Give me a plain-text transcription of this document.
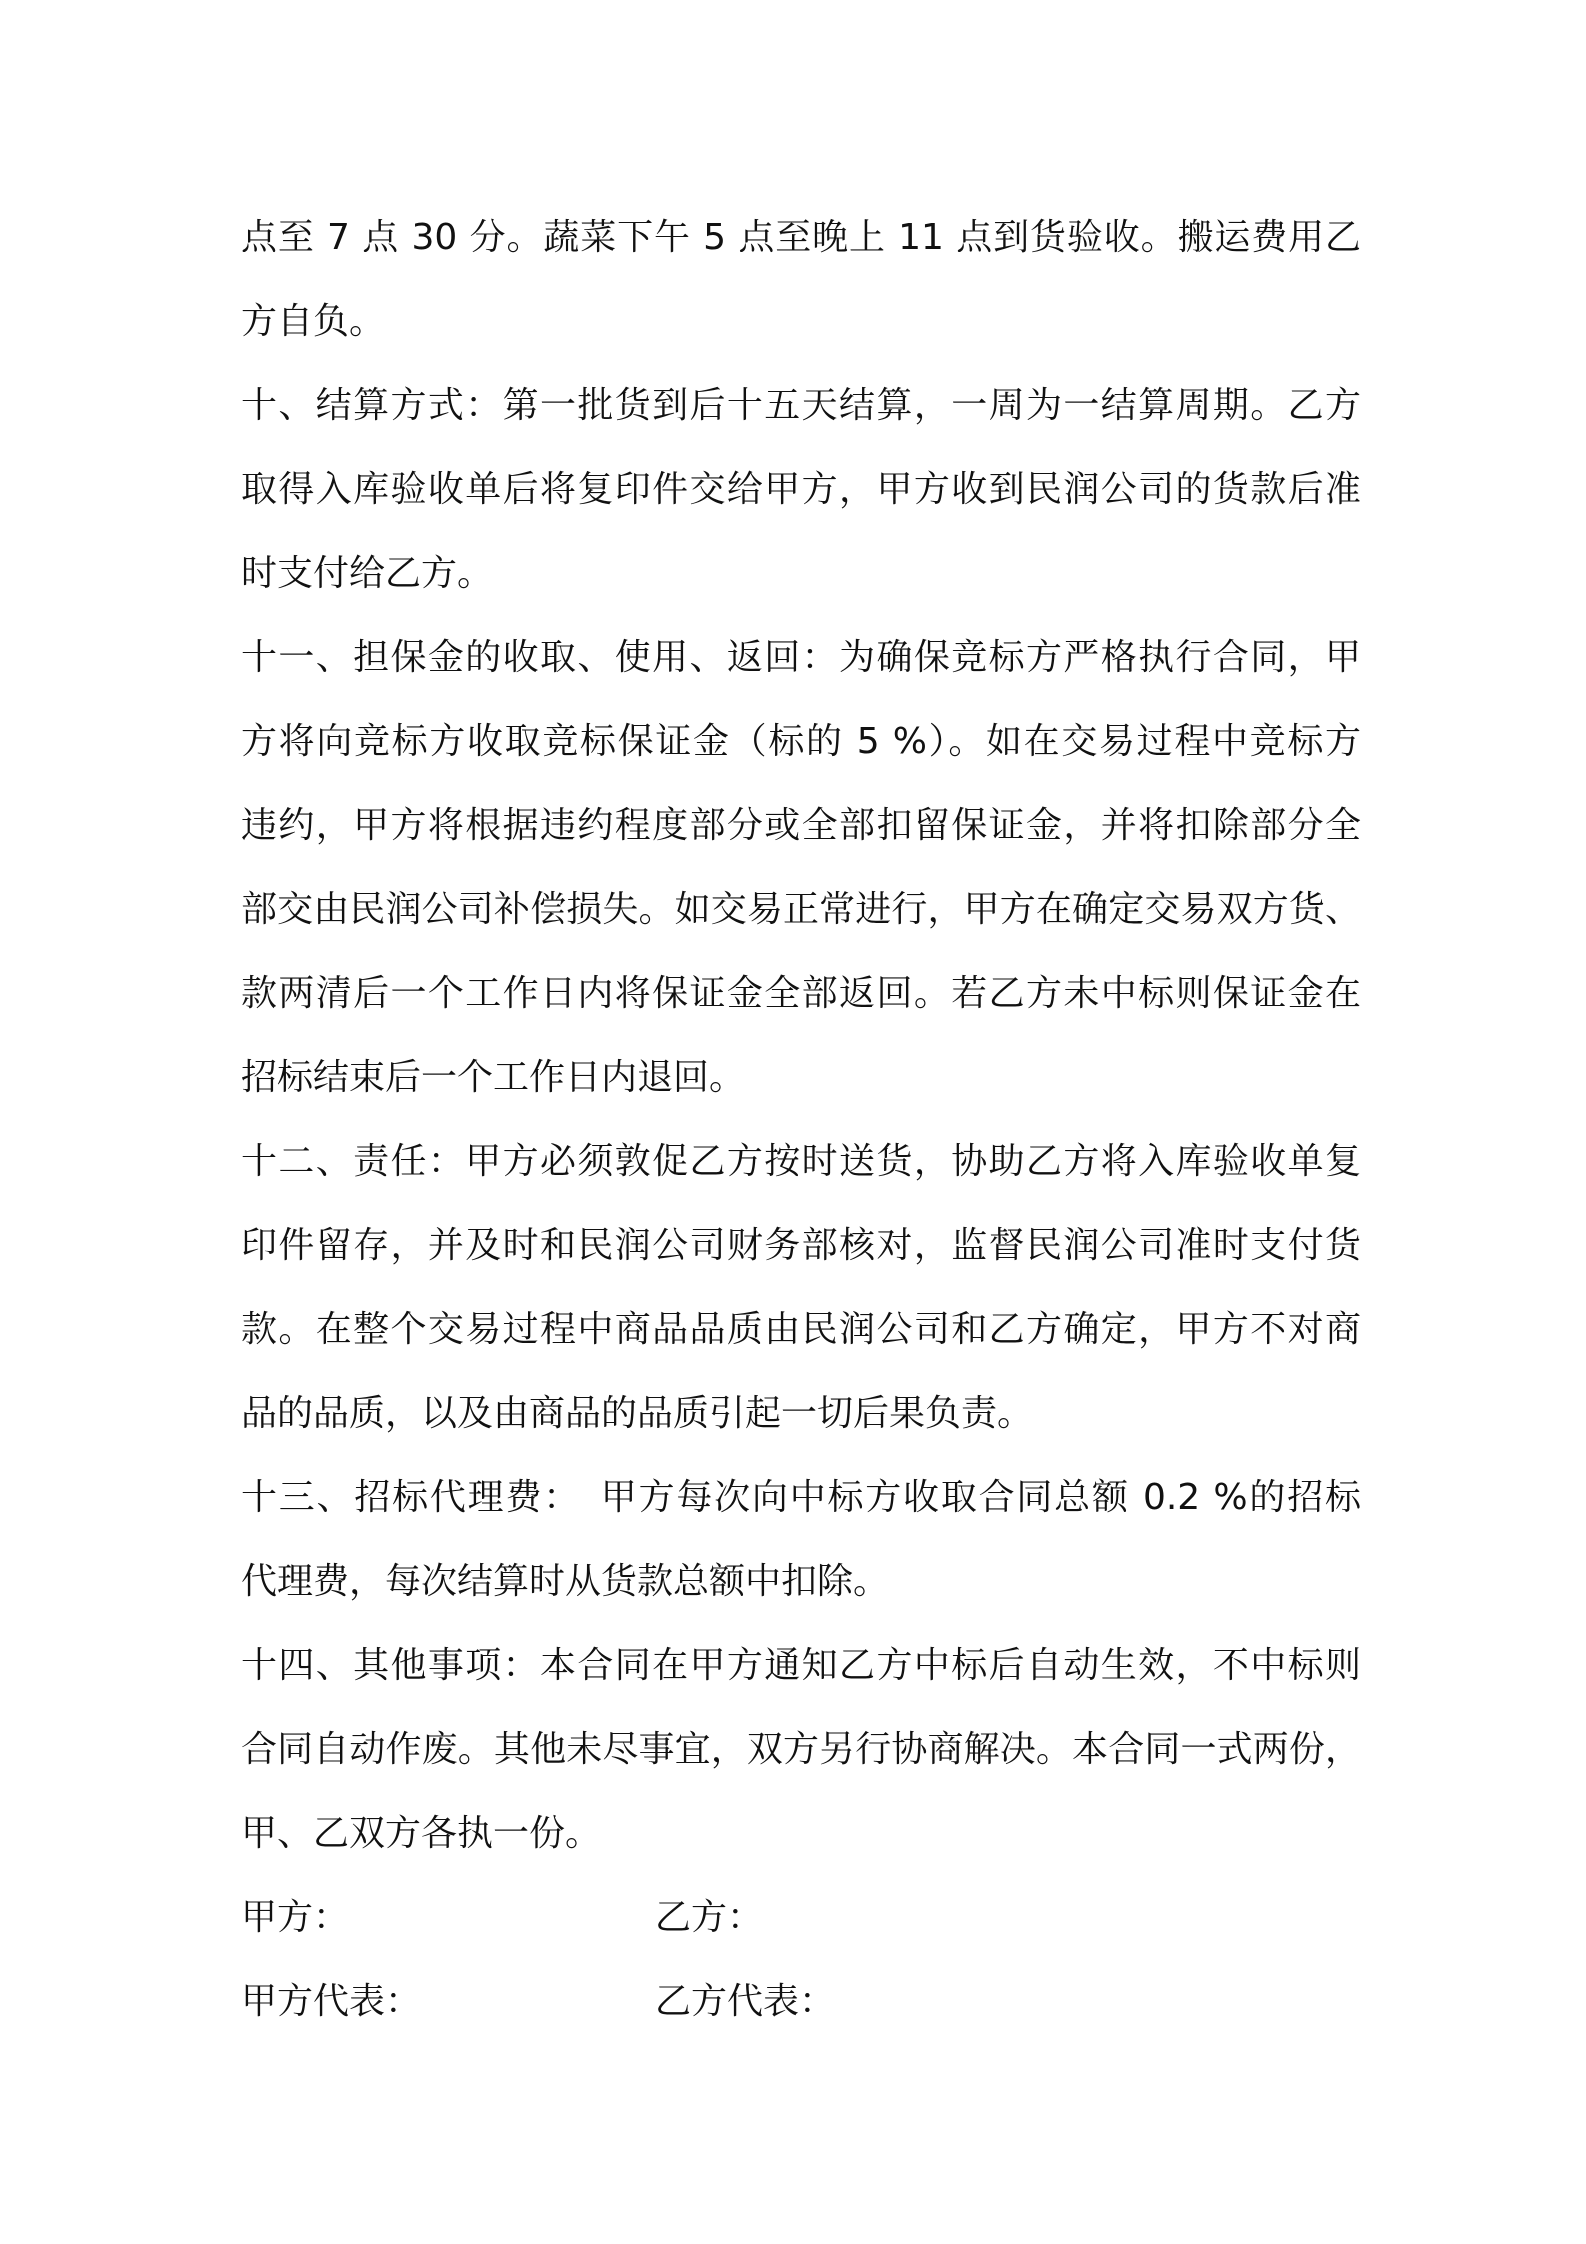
点至 7 点 30 分。蔬菜下午 5 点至晚上 11 点到货验收。搬运费用乙
方自负。
十、结算方式：第一批货到后十五天结算，一周为一结算周期。乙方
取得入库验收单后将复印件交给甲方，甲方收到民润公司的货款后准
时支付给乙方。
十一、担保金的收取、使用、返回：为确保竞标方严格执行合同，甲
方将向竞标方收取竞标保证金（标的 5 %）。如在交易过程中竞标方
违约，甲方将根据违约程度部分或全部扣留保证金，并将扣除部分全
部交由民润公司补偿损失。如交易正常进行，甲方在确定交易双方货、
款两清后一个工作日内将保证金全部返回。若乙方未中标则保证金在
招标结束后一个工作日内退回。
十二、责任：甲方必须敦促乙方按时送货，协助乙方将入库验收单复
印件留存，并及时和民润公司财务部核对，监督民润公司准时支付货
款。在整个交易过程中商品品质由民润公司和乙方确定，甲方不对商
品的品质，以及由商品的品质引起一切后果负责。
十三、招标代理费：　甲方每次向中标方收取合同总额 0.2 %的招标
代理费，每次结算时从货款总额中扣除。
十四、其他事项：本合同在甲方通知乙方中标后自动生效，不中标则
合同自动作废。其他未尽事宜，双方另行协商解决。本合同一式两份，
甲、乙双方各执一份。
甲方：	乙方：
甲方代表：	乙方代表：
